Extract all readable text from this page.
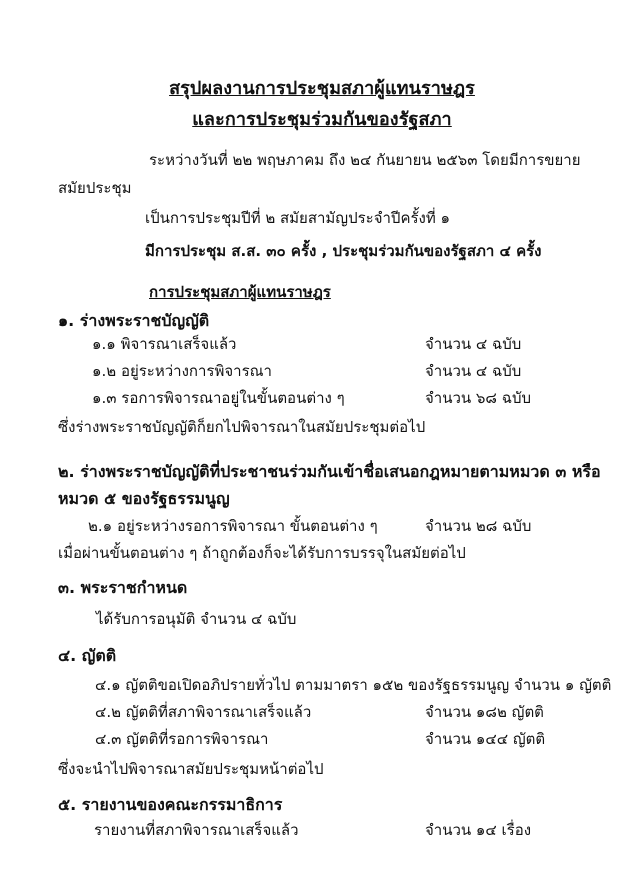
สรุปผลงานการประชุมสภาผู้แทนราษฎร
และการประชุมร่วมกันของรัฐสภา
ระหว่างวันที่ ๒๒ พฤษภาคม ถึง ๒๔ กันยายน ๒๕๖๓ โดยมีการขยาย
สมัยประชุม
เป็นการประชุมปีที่ ๒ สมัยสามัญประจำปีครั้งที่ ๑
มีการประชุม ส.ส. ๓๐ ครั้ง , ประชุมร่วมกันของรัฐสภา ๔ ครั้ง
การประชุมสภาผู้แทนราษฎร
๑. ร่างพระราชบัญญัติ
๑.๑ พิจารณาเสร็จแล้ว	จำนวน ๔ ฉบับ
๑.๒ อยู่ระหว่างการพิจารณา	จำนวน ๔ ฉบับ
๑.๓ รอการพิจารณาอยู่ในขั้นตอนต่าง ๆ	จำนวน ๖๘ ฉบับ
ซึ่งร่างพระราชบัญญัติก็ยกไปพิจารณาในสมัยประชุมต่อไป
๒. ร่างพระราชบัญญัติที่ประชาชนร่วมกันเข้าชื่อเสนอกฎหมายตามหมวด ๓ หรือ
หมวด ๕ ของรัฐธรรมนูญ
๒.๑ อยู่ระหว่างรอการพิจารณา ขั้นตอนต่าง ๆ	จำนวน ๒๘ ฉบับ
เมื่อผ่านขั้นตอนต่าง ๆ ถ้าถูกต้องก็จะได้รับการบรรจุในสมัยต่อไป
๓. พระราชกำหนด
ได้รับการอนุมัติ จำนวน ๔ ฉบับ
๔. ญัตติ
๔.๑ ญัตติขอเปิดอภิปรายทั่วไป ตามมาตรา ๑๕๒ ของรัฐธรรมนูญ จำนวน ๑ ญัตติ
๔.๒ ญัตติที่สภาพิจารณาเสร็จแล้ว	จำนวน ๑๘๒ ญัตติ
๔.๓ ญัตติที่รอการพิจารณา	จำนวน ๑๔๔ ญัตติ
ซึ่งจะนำไปพิจารณาสมัยประชุมหน้าต่อไป
๕. รายงานของคณะกรรมาธิการ
รายงานที่สภาพิจารณาเสร็จแล้ว	จำนวน ๑๔ เรื่อง
